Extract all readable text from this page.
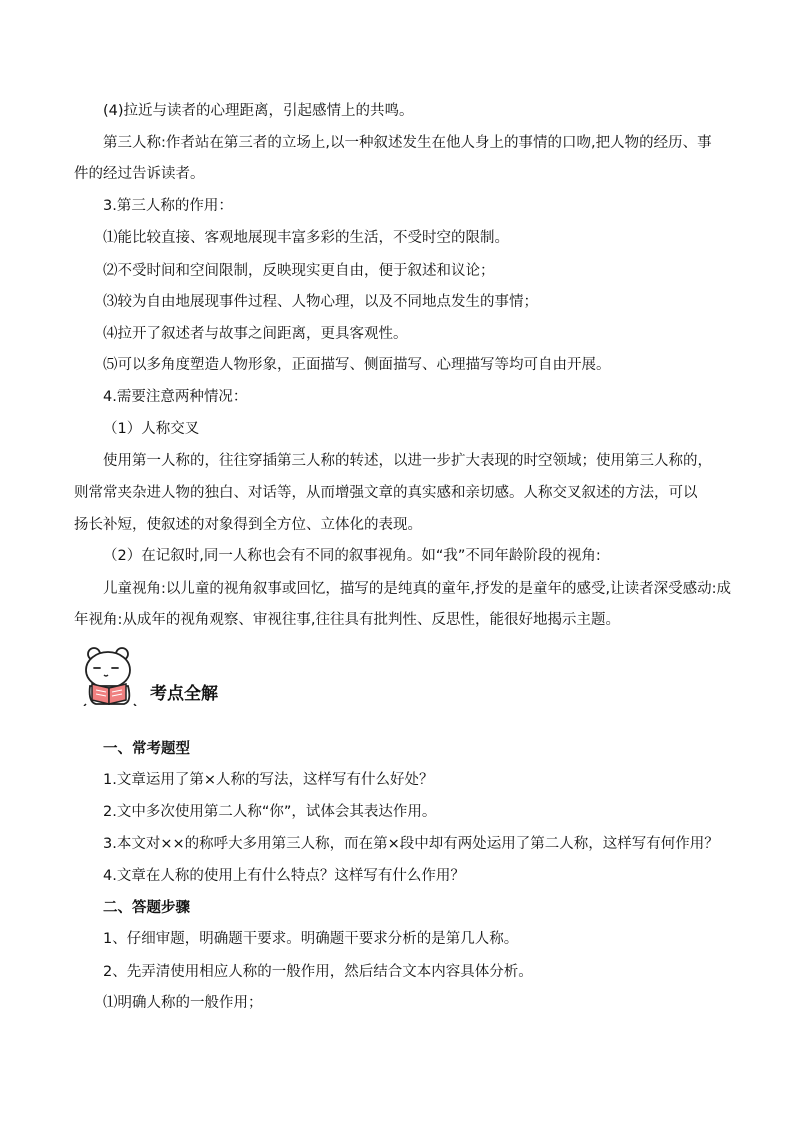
(4)拉近与读者的心理距离，引起感情上的共鸣。
第三人称:作者站在第三者的立场上,以一种叙述发生在他人身上的事情的口吻,把人物的经历、事
件的经过告诉读者。
3.第三人称的作用：
⑴能比较直接、客观地展现丰富多彩的生活，不受时空的限制。
⑵不受时间和空间限制，反映现实更自由，便于叙述和议论；
⑶较为自由地展现事件过程、人物心理，以及不同地点发生的事情；
⑷拉开了叙述者与故事之间距离，更具客观性。
⑸可以多角度塑造人物形象，正面描写、侧面描写、心理描写等均可自由开展。
4.需要注意两种情况：
（1）人称交叉
使用第一人称的，往往穿插第三人称的转述，以进一步扩大表现的时空领域；使用第三人称的，
则常常夹杂进人物的独白、对话等，从而增强文章的真实感和亲切感。人称交叉叙述的方法，可以
扬长补短，使叙述的对象得到全方位、立体化的表现。
（2）在记叙时,同一人称也会有不同的叙事视角。如“我”不同年龄阶段的视角:
儿童视角:以儿童的视角叙事或回忆，描写的是纯真的童年,抒发的是童年的感受,让读者深受感动:成
年视角:从成年的视角观察、审视往事,往往具有批判性、反思性，能很好地揭示主题。
考点全解
一、常考题型
1.文章运用了第×人称的写法，这样写有什么好处？
2.文中多次使用第二人称“你”，试体会其表达作用。
3.本文对××的称呼大多用第三人称，而在第×段中却有两处运用了第二人称，这样写有何作用？
4.文章在人称的使用上有什么特点？这样写有什么作用？
二、答题步骤
1、仔细审题，明确题干要求。明确题干要求分析的是第几人称。
2、先弄清使用相应人称的一般作用，然后结合文本内容具体分析。
⑴明确人称的一般作用；
